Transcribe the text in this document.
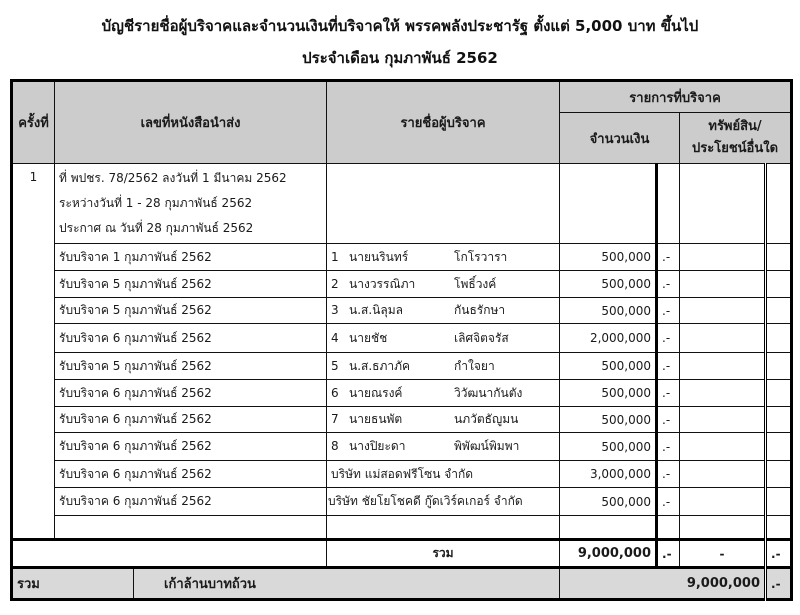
บัญชีรายชื่อผู้บริจาคและจำนวนเงินที่บริจาคให้ พรรคพลังประชารัฐ ตั้งแต่ 5,000 บาท ขึ้นไป
ประจำเดือน กุมภาพันธ์ 2562
ครั้งที่	เลขที่หนังสือนำส่ง		รายชื่อผู้บริจาค	รายการที่บริจาค			
				จำนวนเงิน		ทรัพย์สิน/
ประโยชน์อื่นใด	

1	ที่ พปชร. 78/2562 ลงวันที่ 1 มีนาคม 2562
ระหว่างวันที่ 1 - 28 กุมภาพันธ์ 2562
ประกาศ ณ วันที่ 28 กุมภาพันธ์ 2562						

	รับบริจาค 1 กุมภาพันธ์ 2562		1 นายนรินทร์ โกโรวารา	500,000	.-		
	รับบริจาค 5 กุมภาพันธ์ 2562		2 นางวรรณิภา โพธิ์วงค์	500,000	.-		
	รับบริจาค 5 กุมภาพันธ์ 2562		3 น.ส.นิลุมล กันธรักษา	500,000	.-		
	รับบริจาค 6 กุมภาพันธ์ 2562		4 นายชัช เลิศจิตจรัส	2,000,000	.-		
	รับบริจาค 5 กุมภาพันธ์ 2562		5 น.ส.ธภาภัค กำใจยา	500,000	.-		
	รับบริจาค 6 กุมภาพันธ์ 2562		6 นายณรงค์ วิวัฒนากันตัง	500,000	.-		
	รับบริจาค 6 กุมภาพันธ์ 2562		7 นายธนพัต นภวัตธัญูมน	500,000	.-		
	รับบริจาค 6 กุมภาพันธ์ 2562		8 นางปิยะดา พิพัฒน์พิมพา	500,000	.-		
	รับบริจาค 6 กุมภาพันธ์ 2562		บริษัท แม่สอดฟรีโซน จำกัด	3,000,000	.-		
	รับบริจาค 6 กุมภาพันธ์ 2562		บริษัท ชัยโยโชคดี กู๊ดเวิร์คเกอร์ จำกัด	500,000	.-		

			รวม	9,000,000	.-	-	.-
รวม		เก้าล้านบาทถ้วน		9,000,000			.-
